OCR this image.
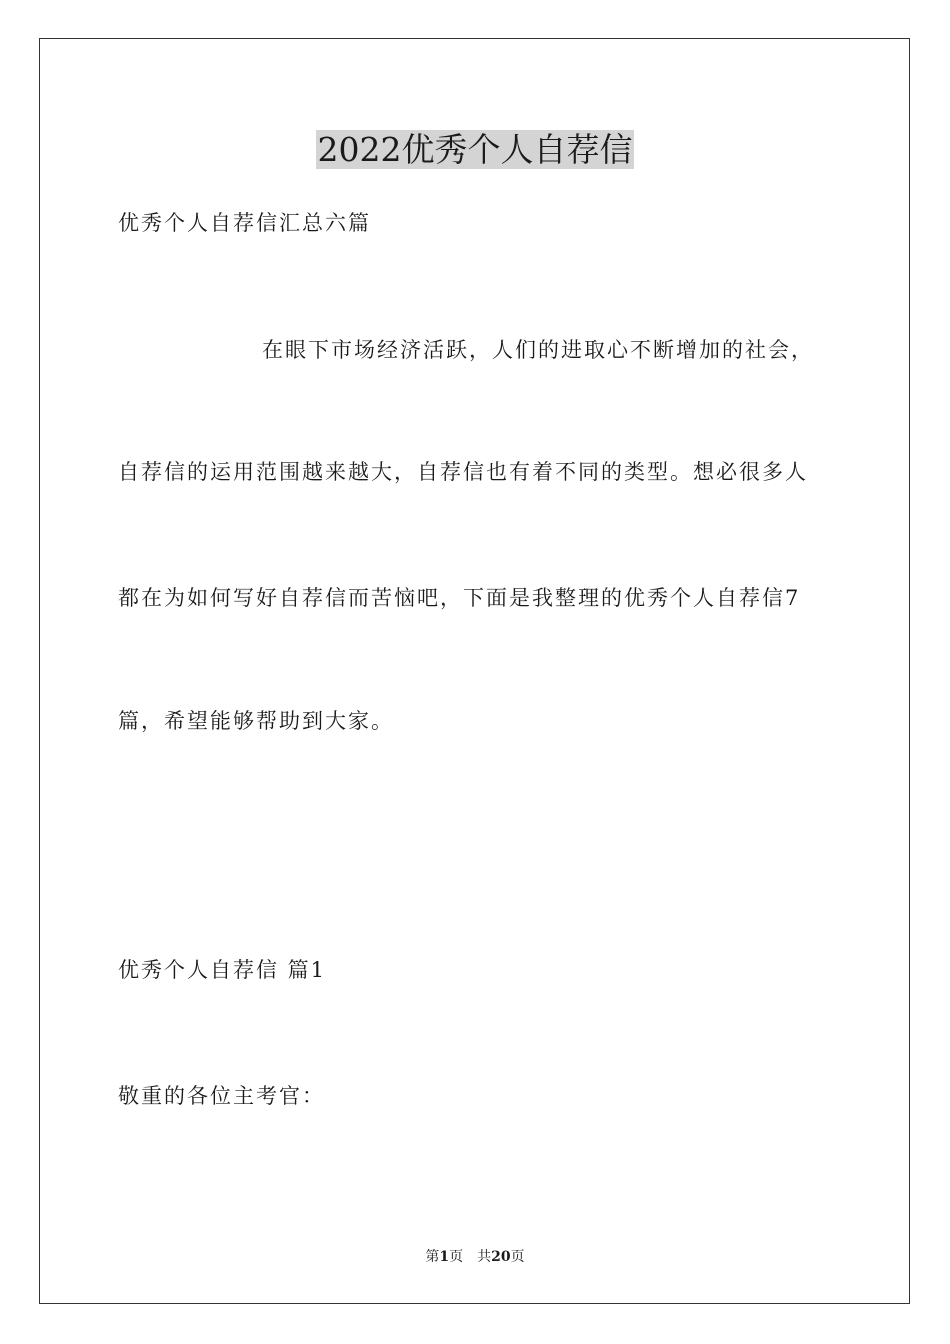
2022优秀个人自荐信
优秀个人自荐信汇总六篇
在眼下市场经济活跃，人们的进取心不断增加的社会，
自荐信的运用范围越来越大，自荐信也有着不同的类型。想必很多人
都在为如何写好自荐信而苦恼吧，下面是我整理的优秀个人自荐信7
篇，希望能够帮助到大家。
优秀个人自荐信 篇1
敬重的各位主考官：
第1页　共20页
